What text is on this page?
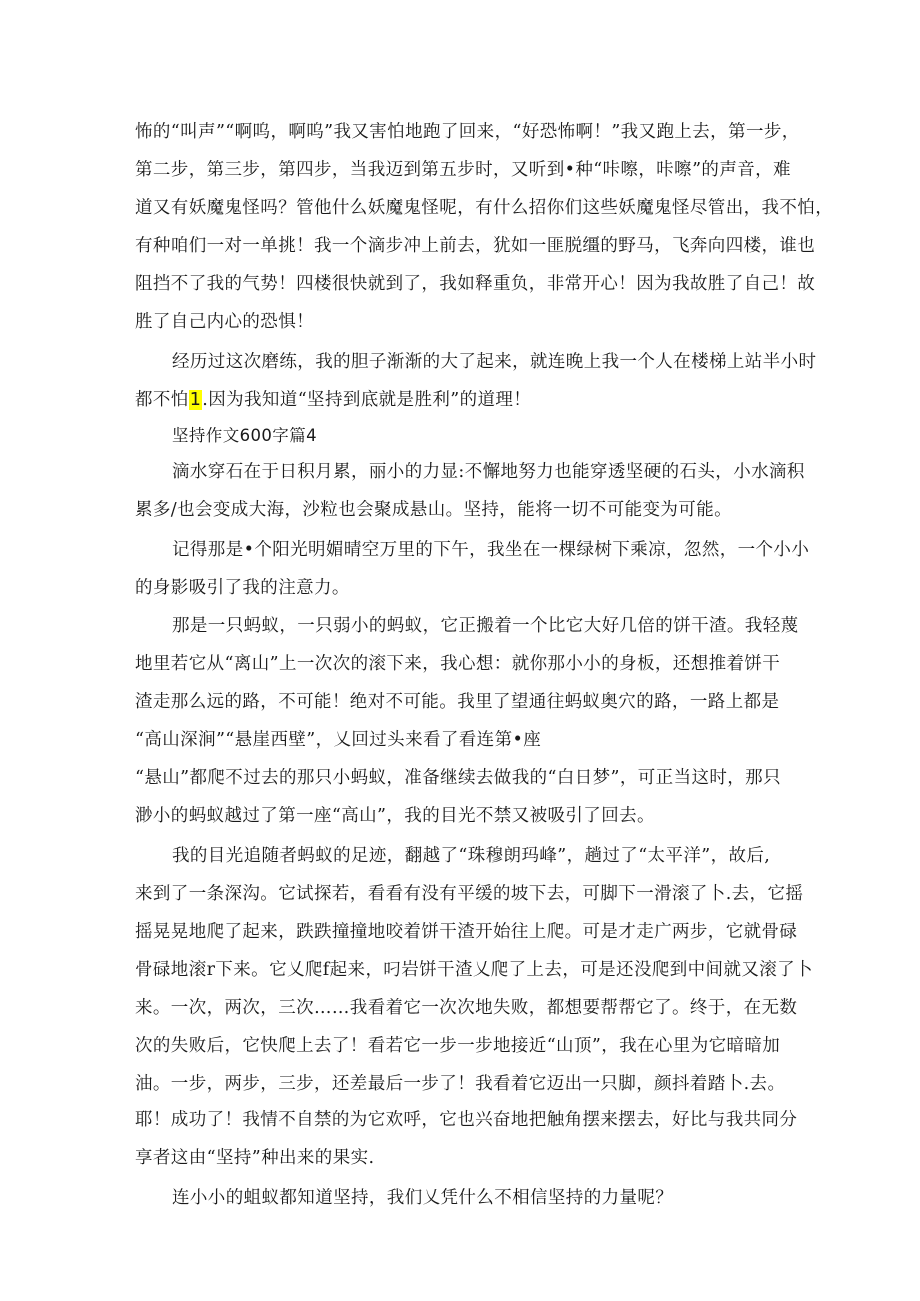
怖的“叫声”“啊呜，啊呜”我又害怕地跑了回来，“好恐怖啊！”我又跑上去，第一步，
第二步，第三步，第四步，当我迈到第五步时，又听到•种“咔嚓，咔嚓”的声音，难
道又有妖魔鬼怪吗？管他什么妖魔鬼怪呢，有什么招你们这些妖魔鬼怪尽管出，我不怕，
有种咱们一对一单挑！我一个滴步冲上前去，犹如一匪脱缰的野马，飞奔向四楼，谁也
阻挡不了我的气势！四楼很快就到了，我如释重负，非常开心！因为我故胜了自己！故
胜了自己内心的恐惧！
经历过这次磨练，我的胆子渐渐的大了起来，就连晚上我一个人在楼梯上站半小时
都不怕1.因为我知道“坚持到底就是胜利”的道理！
坚持作文600字篇4
滴水穿石在于日积月累，丽小的力显:不懈地努力也能穿透坚硬的石头，小水滴积
累多/也会变成大海，沙粒也会聚成悬山。坚持，能将一切不可能变为可能。
记得那是•个阳光明媚晴空万里的下午，我坐在一棵绿树下乘凉，忽然，一个小小
的身影吸引了我的注意力。
那是一只蚂蚁，一只弱小的蚂蚁，它正搬着一个比它大好几倍的饼干渣。我轻蔑
地里若它从“离山”上一次次的滚下来，我心想：就你那小小的身板，还想推着饼干
渣走那么远的路，不可能！绝对不可能。我里了望通往蚂蚁奥穴的路，一路上都是
“高山深涧”“悬崖西壁”，乂回过头来看了看连第•座
“悬山”都爬不过去的那只小蚂蚁，准备继续去做我的“白日梦”，可正当这时，那只
渺小的蚂蚁越过了第一座“高山”，我的目光不禁又被吸引了回去。
我的目光追随者蚂蚁的足迹，翻越了“珠穆朗玛峰”，趟过了“太平洋”，故后,
来到了一条深沟。它试探若，看看有没有平缓的坡下去，可脚下一滑滚了卜.去，它摇
摇晃晃地爬了起来，跌跌撞撞地咬着饼干渣开始往上爬。可是才走广两步，它就骨碌
骨碌地滚r下来。它乂爬f起来，叼岩饼干渣乂爬了上去，可是还没爬到中间就又滚了卜
来。一次，两次，三次……我看着它一次次地失败，都想要帮帮它了。终于，在无数
次的失败后，它快爬上去了！看若它一步一步地接近“山顶”，我在心里为它暗暗加
油。一步，两步，三步，还差最后一步了！我看着它迈出一只脚，颜抖着踏卜.去。
耶！成功了！我情不自禁的为它欢呼，它也兴奋地把触角摆来摆去，好比与我共同分
享者这由“坚持”种出来的果实.
连小小的蛆蚁都知道坚持，我们乂凭什么不相信坚持的力量呢？
